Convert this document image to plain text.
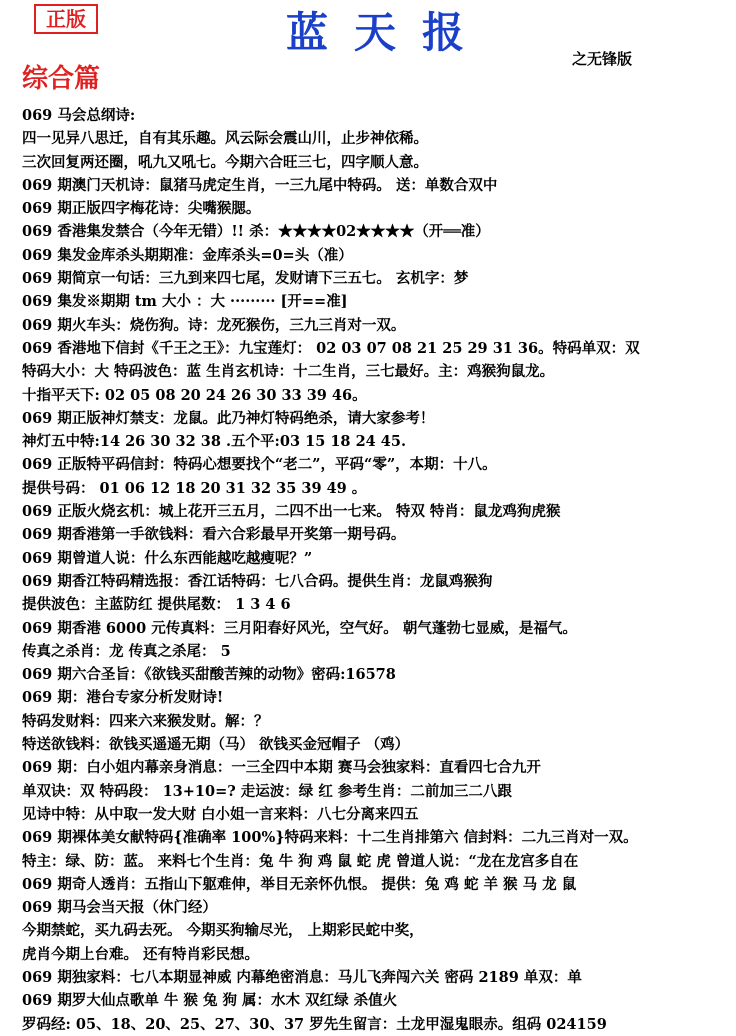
正版	蓝天报
之无锋版
综合篇
069 马会总纲诗:
四一见异八思迁，自有其乐趣。风云际会震山川，止步神依稀。
三次回复两还圈，吼九又吼七。今期六合旺三七，四字顺人意。
069 期澳门天机诗：鼠猪马虎定生肖，一三九尾中特码。 送：单数合双中
069 期正版四字梅花诗：尖嘴猴腮。
069 香港集发禁合（今年无错）!! 杀：★★★★02★★★★（开══准）
069 集发金库杀头期期准：金库杀头=0=头（准）
069 期简京一句话：三九到来四七尾，发财请下三五七。 玄机字：梦
069 集发※期期 tm 大小 ：大 ········· [开==准]
069 期火车头：烧伤狗。诗：龙死猴伤，三九三肖对一双。
069 香港地下信封《千王之王》：九宝莲灯： 02 03 07 08 21 25 29 31 36。特码单双：双
特码大小：大 特码波色：蓝 生肖玄机诗：十二生肖，三七最好。主：鸡猴狗鼠龙。
十指平天下: 02 05 08 20 24 26 30 33 39 46。
069 期正版神灯禁支：龙鼠。此乃神灯特码绝杀，请大家参考！
神灯五中特:14 26 30 32 38 .五个平:03 15 18 24 45.
069 正版特平码信封：特码心想要找个“老二”，平码“零”，本期：十八。
提供号码： 01 06 12 18 20 31 32 35 39 49 。
069 正版火烧玄机：城上花开三五月，二四不出一七来。 特双 特肖：鼠龙鸡狗虎猴
069 期香港第一手欲钱料：看六合彩最早开奖第一期号码。
069 期曾道人说：什么东西能越吃越瘦呢？”
069 期香江特码精选报：香江话特码：七八合码。提供生肖：龙鼠鸡猴狗
提供波色：主蓝防红 提供尾数： 1 3 4 6
069 期香港 6000 元传真料：三月阳春好风光，空气好。 朝气蓬勃七显威，是福气。
传真之杀肖：龙 传真之杀尾： 5
069 期六合圣旨：《欲钱买甜酸苦辣的动物》密码:16578
069 期：港台专家分析发财诗!
特码发财料：四来六来猴发财。解：？
特送欲钱料：欲钱买遥遥无期（马） 欲钱买金冠帽子 （鸡）
069 期：白小姐内幕亲身消息：一三全四中本期 赛马会独家料：直看四七合九开
单双诀：双 特码段： 13+10=? 走运波：绿 红 参考生肖：二前加三二八跟
见诗中特：从中取一发大财 白小姐一言来料：八七分离来四五
069 期裸体美女献特码{准确率 100%}特码来料：十二生肖排第六 信封料：二九三肖对一双。
特主：绿、防：蓝。 来料七个生肖：兔 牛 狗 鸡 鼠 蛇 虎 曾道人说：“龙在龙宫多自在
069 期奇人透肖：五指山下躯难伸，举目无亲怀仇恨。 提供：兔 鸡 蛇 羊 猴 马 龙 鼠
069 期马会当天报（休门经）
今期禁蛇，买九码去死。 今期买狗输尽光， 上期彩民蛇中奖，
虎肖今期上台难。 还有特肖彩民想。
069 期独家料：七八本期显神威 内幕绝密消息：马儿飞奔闯六关 密码 2189 单双：单
069 期罗大仙点歌单 牛 猴 兔 狗 属：水木 双红绿 杀值火
罗码经: 05、18、20、25、27、30、37 罗先生留言：土龙甲湿鬼眼赤。组码 024159
